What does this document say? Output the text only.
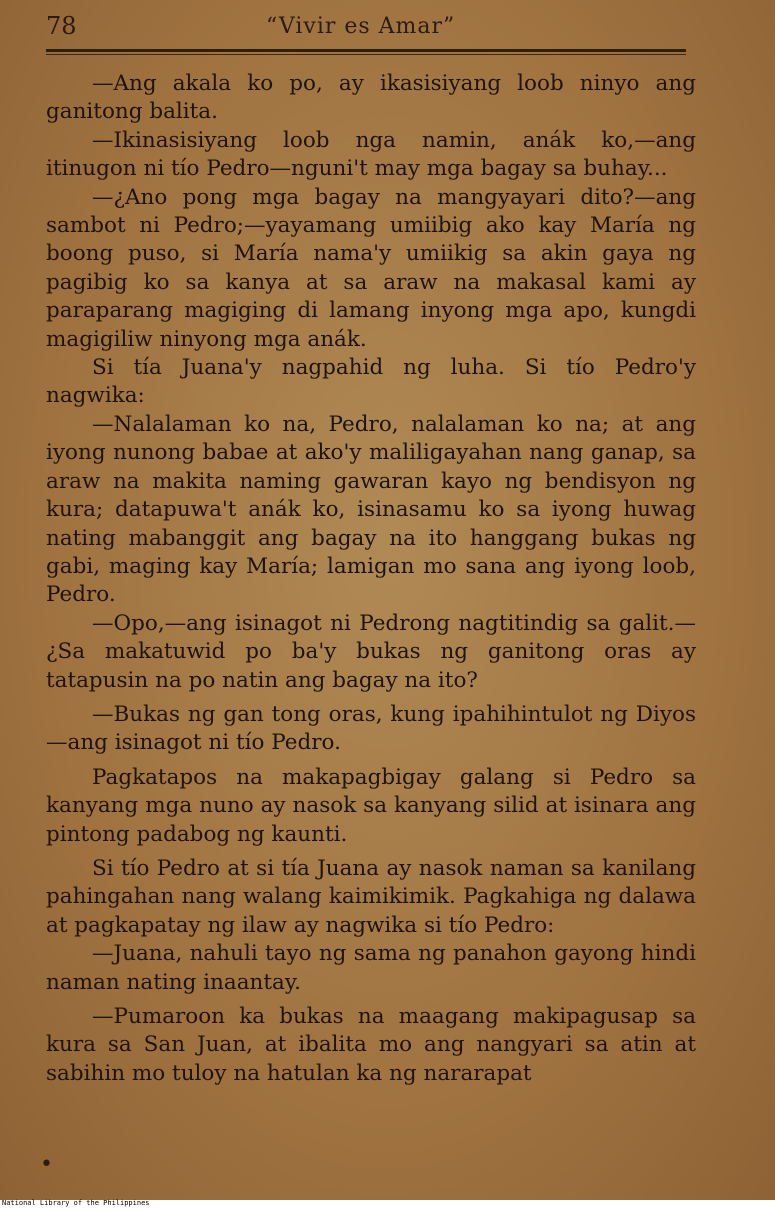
78	“Vivir es Amar”

—Ang akala ko po, ay ikasisiyang loob ninyo ang ganitong balita.

—Ikinasisiyang loob nga namin, anák ko,—ang itinugon ni tío Pedro—nguni't may mga bagay sa buhay...

—¿Ano pong mga bagay na mangyayari dito?—ang sambot ni Pedro;—yayamang umiibig ako kay María ng boong puso, si María nama'y umiikig sa akin gaya ng pagibig ko sa kanya at sa araw na makasal kami ay paraparang magiging di lamang inyong mga apo, kungdi magigiliw ninyong mga anák.

Si tía Juana'y nagpahid ng luha. Si tío Pedro'y nagwika:

—Nalalaman ko na, Pedro, nalalaman ko na; at ang iyong nunong babae at ako'y maliligayahan nang ganap, sa araw na makita naming gawaran kayo ng bendisyon ng kura; datapuwa't anák ko, isinasamu ko sa iyong huwag nating mabanggit ang bagay na ito hanggang bukas ng gabi, maging kay María; lamigan mo sana ang iyong loob, Pedro.

—Opo,—ang isinagot ni Pedrong nagtitindig sa galit.—¿Sa makatuwid po ba'y bukas ng ganitong oras ay tatapusin na po natin ang bagay na ito?

—Bukas ng gan tong oras, kung ipahihintulot ng Diyos—ang isinagot ni tío Pedro.

Pagkatapos na makapagbigay galang si Pedro sa kanyang mga nuno ay nasok sa kanyang silid at isinara ang pintong padabog ng kaunti.

Si tío Pedro at si tía Juana ay nasok naman sa kanilang pahingahan nang walang kaimikimik. Pagkahiga ng dalawa at pagkapatay ng ilaw ay nagwika si tío Pedro:

—Juana, nahuli tayo ng sama ng panahon gayong hindi naman nating inaantay.

—Pumaroon ka bukas na maagang makipagusap sa kura sa San Juan, at ibalita mo ang nangyari sa atin at sabihin mo tuloy na hatulan ka ng nararapat

•
National Library of the Philippines
